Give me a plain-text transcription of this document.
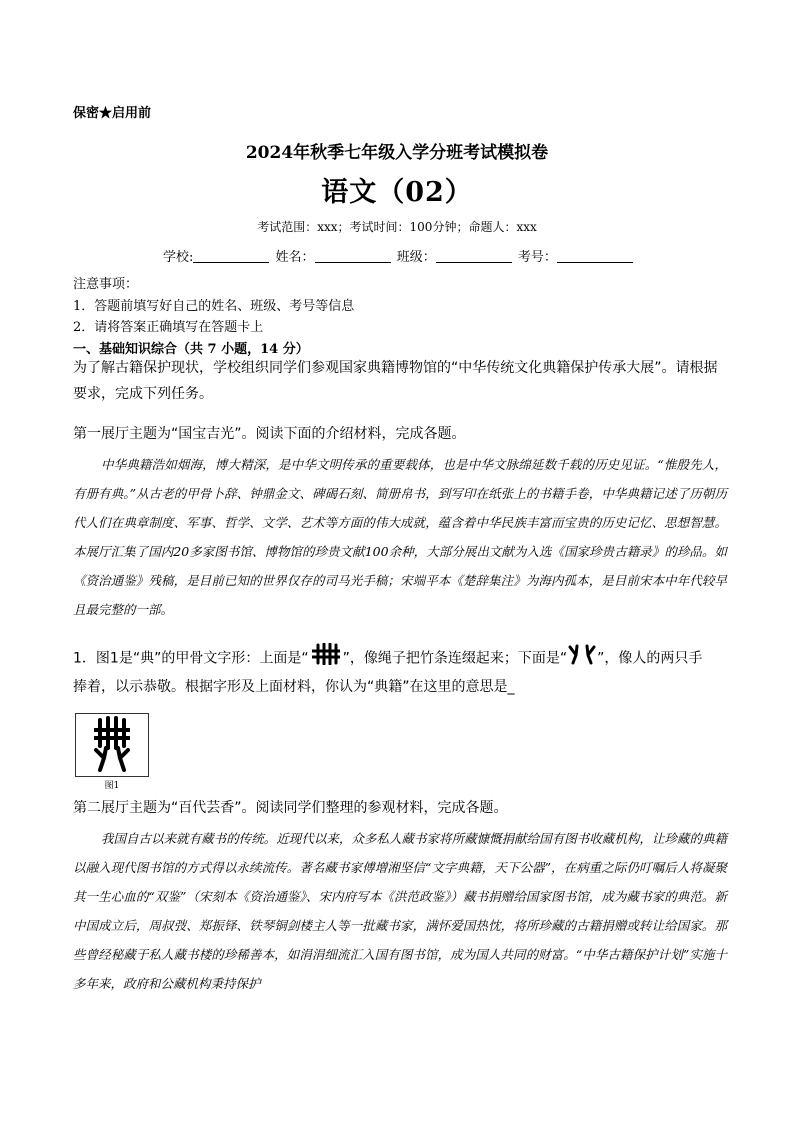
保密★启用前
2024年秋季七年级入学分班考试模拟卷
语文（02）
考试范围：xxx；考试时间：100分钟；命题人：xxx
学校:	姓名：	班级：	考号：
注意事项：
1．答题前填写好自己的姓名、班级、考号等信息
2．请将答案正确填写在答题卡上
一、基础知识综合（共 7 小题，14 分）
为了解古籍保护现状，学校组织同学们参观国家典籍博物馆的“中华传统文化典籍保护传承大展”。请根据要求，完成下列任务。
第一展厅主题为“国宝吉光”。阅读下面的介绍材料，完成各题。
中华典籍浩如烟海，博大精深，是中华文明传承的重要载体，也是中华文脉绵延数千载的历史见证。“惟殷先人，有册有典。”从古老的甲骨卜辞、钟鼎金文、碑碣石刻、简册帛书，到写印在纸张上的书籍手卷，中华典籍记述了历朝历代人们在典章制度、军事、哲学、文学、艺术等方面的伟大成就，蕴含着中华民族丰富而宝贵的历史记忆、思想智慧。本展厅汇集了国内20多家图书馆、博物馆的珍贵文献100余种，大部分展出文献为入选《国家珍贵古籍录》的珍品。如《资治通鉴》残稿，是目前已知的世界仅存的司马光手稿；宋端平本《楚辞集注》为海内孤本，是目前宋本中年代较早且最完整的一部。
1．图1是“典”的甲骨文字形：上面是“ ”，像绳子把竹条连缀起来；下面是“ ”，像人的两只手
捧着，以示恭敬。根据字形及上面材料，你认为“典籍”在这里的意思是_
图1
第二展厅主题为“百代芸香”。阅读同学们整理的参观材料，完成各题。
我国自古以来就有藏书的传统。近现代以来，众多私人藏书家将所藏慷慨捐献给国有图书收藏机构，让珍藏的典籍以融入现代图书馆的方式得以永续流传。著名藏书家傅增湘坚信“文字典籍，天下公器”，在病重之际仍叮嘱后人将凝聚其一生心血的“双鉴”（宋刻本《资治通鉴》、宋内府写本《洪范政鉴》）藏书捐赠给国家图书馆，成为藏书家的典范。新中国成立后，周叔弢、郑振铎、铁琴铜剑楼主人等一批藏书家，满怀爱国热忱，将所珍藏的古籍捐赠或转让给国家。那些曾经秘藏于私人藏书楼的珍稀善本，如涓涓细流汇入国有图书馆，成为国人共同的财富。“中华古籍保护计划”实施十多年来，政府和公藏机构秉持保护
